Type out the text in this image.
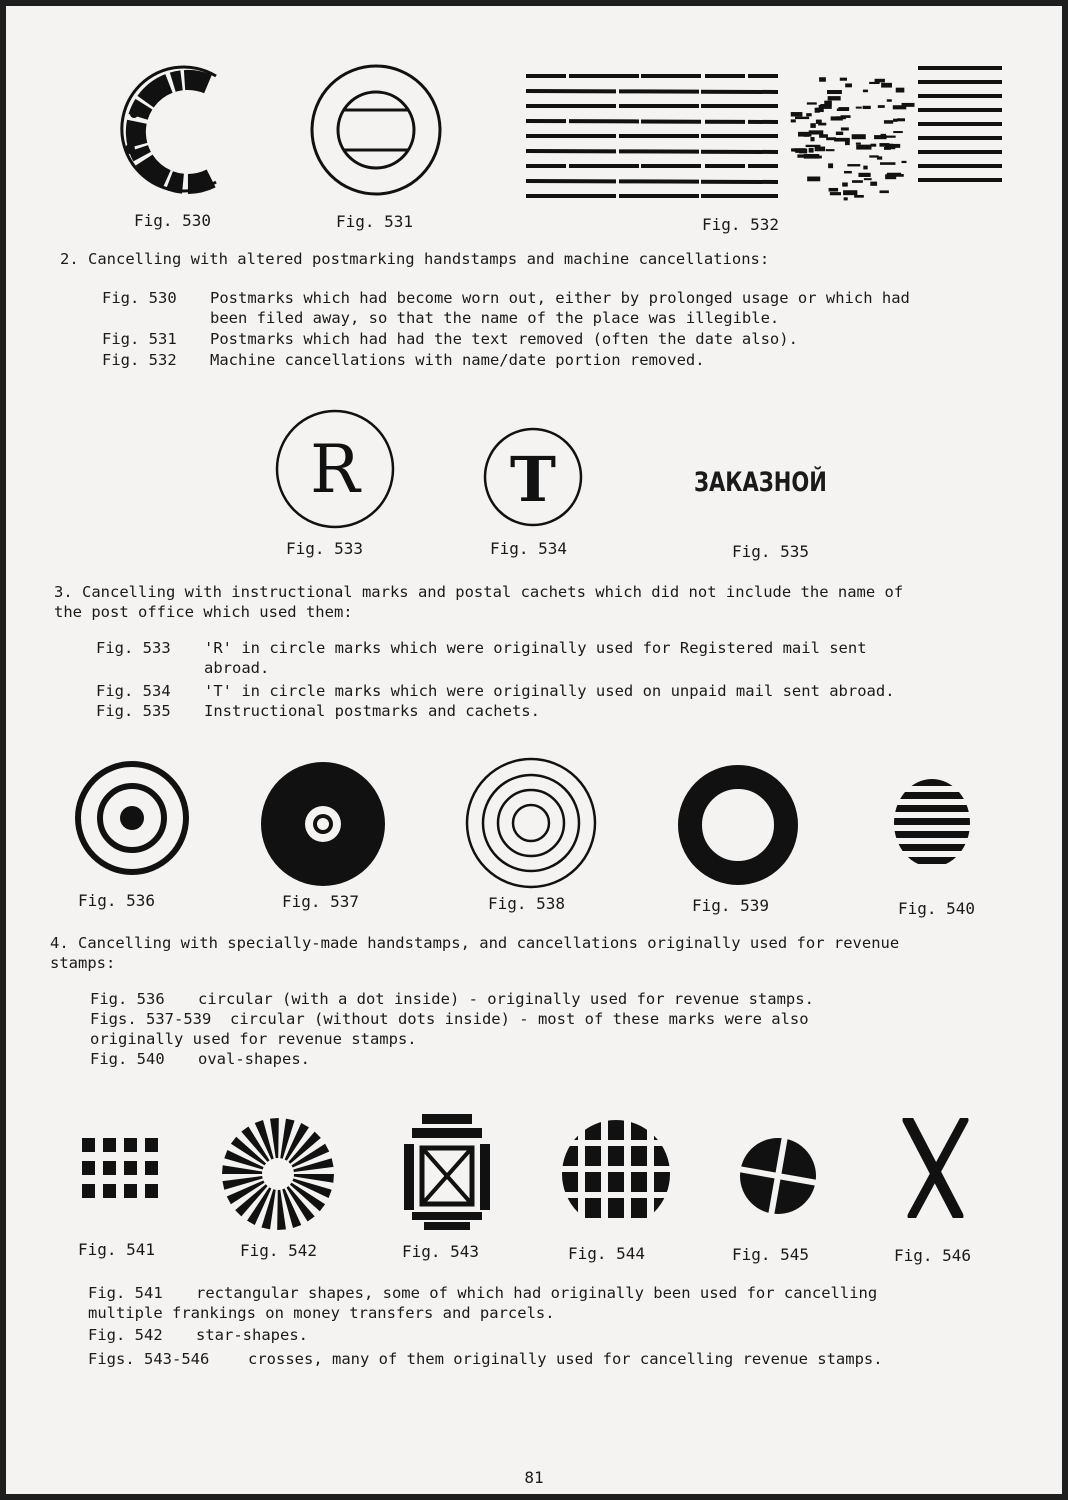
Fig. 530	Fig. 531	Fig. 532
2. Cancelling with altered postmarking handstamps and machine cancellations:
Fig. 530 Postmarks which had become worn out, either by prolonged usage or which had
been filed away, so that the name of the place was illegible.
Fig. 531 Postmarks which had had the text removed (often the date also).
Fig. 532 Machine cancellations with name/date portion removed.
R T	ЗАКАЗНОЙ
Fig. 533	Fig. 534	Fig. 535
3. Cancelling with instructional marks and postal cachets which did not include the name of
the post office which used them:
Fig. 533 'R' in circle marks which were originally used for Registered mail sent
abroad.
Fig. 534 'T' in circle marks which were originally used on unpaid mail sent abroad.
Fig. 535 Instructional postmarks and cachets.
Fig. 536	Fig. 537	Fig. 538	Fig. 539	Fig. 540
4. Cancelling with specially-made handstamps, and cancellations originally used for revenue
stamps:
Fig. 536 circular (with a dot inside) - originally used for revenue stamps.
Figs. 537-539 circular (without dots inside) - most of these marks were also
originally used for revenue stamps.
Fig. 540 oval-shapes.
Fig. 541	Fig. 542	Fig. 543	Fig. 544	Fig. 545	Fig. 546
Fig. 541 rectangular shapes, some of which had originally been used for cancelling
multiple frankings on money transfers and parcels.
Fig. 542 star-shapes.
Figs. 543-546 crosses, many of them originally used for cancelling revenue stamps.
81
